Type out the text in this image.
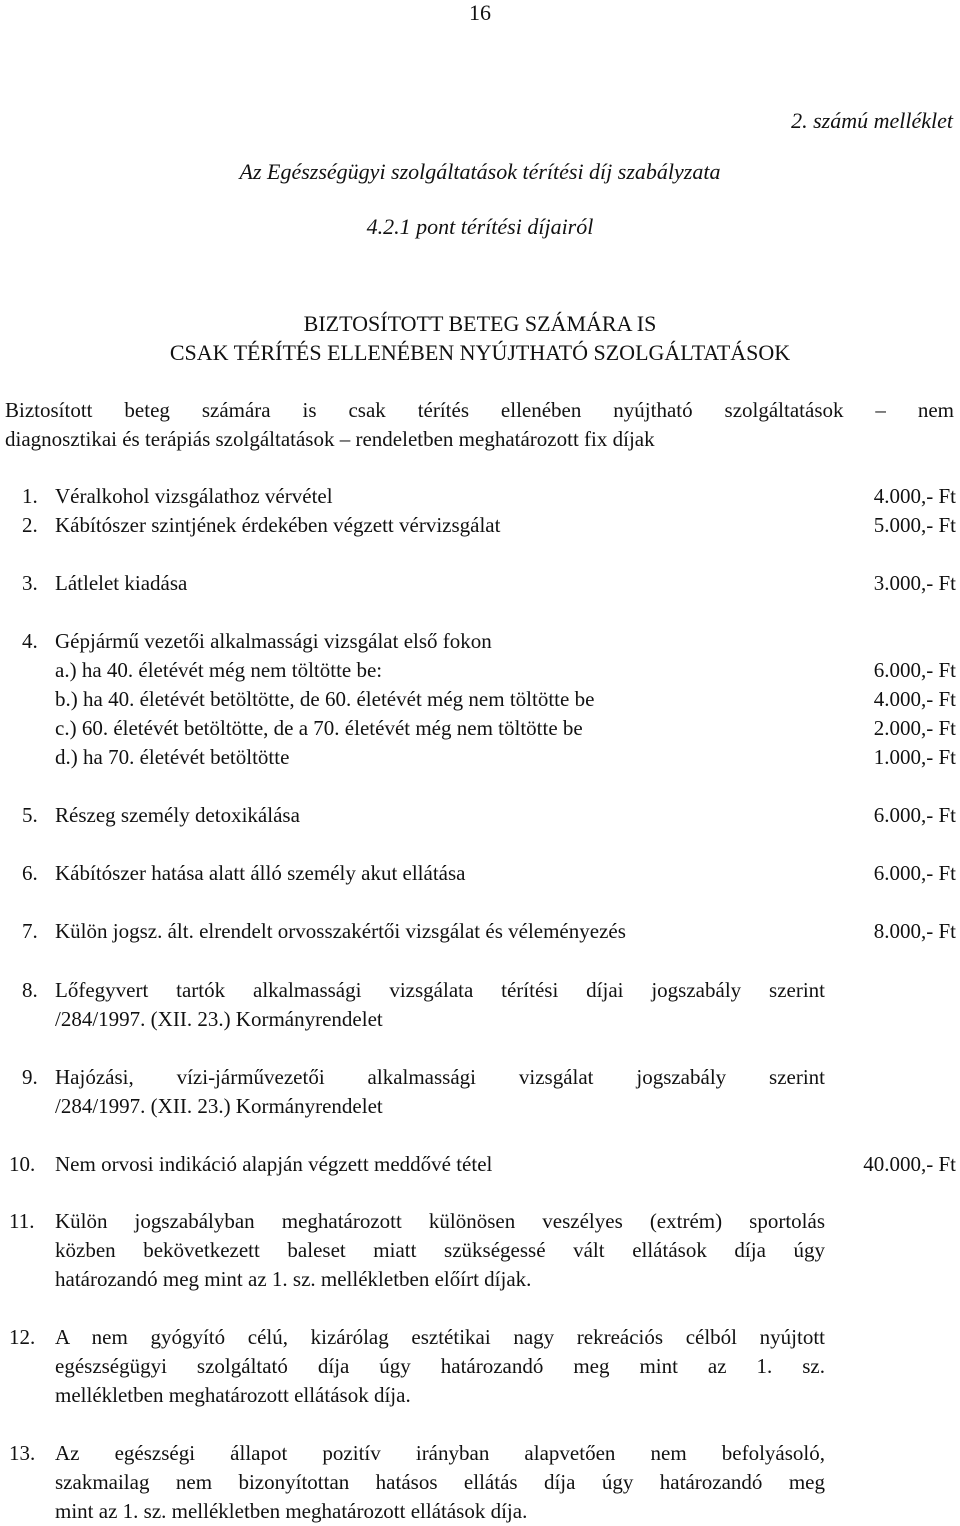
16
2. számú melléklet
Az Egészségügyi szolgáltatások térítési díj szabályzata
4.2.1 pont térítési díjairól
BIZTOSÍTOTT BETEG SZÁMÁRA IS
CSAK TÉRÍTÉS ELLENÉBEN NYÚJTHATÓ SZOLGÁLTATÁSOK
Biztosított beteg számára is csak térítés ellenében nyújtható szolgáltatások – nem
diagnosztikai és terápiás szolgáltatások – rendeletben meghatározott fix díjak
1. Véralkohol vizsgálathoz vérvétel	4.000,- Ft
2. Kábítószer szintjének érdekében végzett vérvizsgálat	5.000,- Ft
3. Látlelet kiadása	3.000,- Ft
4. Gépjármű vezetői alkalmassági vizsgálat első fokon
a.) ha 40. életévét még nem töltötte be:	6.000,- Ft
b.) ha 40. életévét betöltötte, de 60. életévét még nem töltötte be	4.000,- Ft
c.) 60. életévét betöltötte, de a 70. életévét még nem töltötte be	2.000,- Ft
d.) ha 70. életévét betöltötte	1.000,- Ft
5. Részeg személy detoxikálása	6.000,- Ft
6. Kábítószer hatása alatt álló személy akut ellátása	6.000,- Ft
7. Külön jogsz. ált. elrendelt orvosszakértői vizsgálat és véleményezés	8.000,- Ft
8. Lőfegyvert tartók alkalmassági vizsgálata térítési díjai jogszabály szerint
/284/1997. (XII. 23.) Kormányrendelet
9. Hajózási, vízi-járművezetői alkalmassági vizsgálat jogszabály szerint
/284/1997. (XII. 23.) Kormányrendelet
10. Nem orvosi indikáció alapján végzett meddővé tétel	40.000,- Ft
11. Külön jogszabályban meghatározott különösen veszélyes (extrém) sportolás
közben bekövetkezett baleset miatt szükségessé vált ellátások díja úgy
határozandó meg mint az 1. sz. mellékletben előírt díjak.
12. A nem gyógyító célú, kizárólag esztétikai nagy rekreációs célból nyújtott
egészségügyi szolgáltató díja úgy határozandó meg mint az 1. sz.
mellékletben meghatározott ellátások díja.
13. Az egészségi állapot pozitív irányban alapvetően nem befolyásoló,
szakmailag nem bizonyítottan hatásos ellátás díja úgy határozandó meg
mint az 1. sz. mellékletben meghatározott ellátások díja.
